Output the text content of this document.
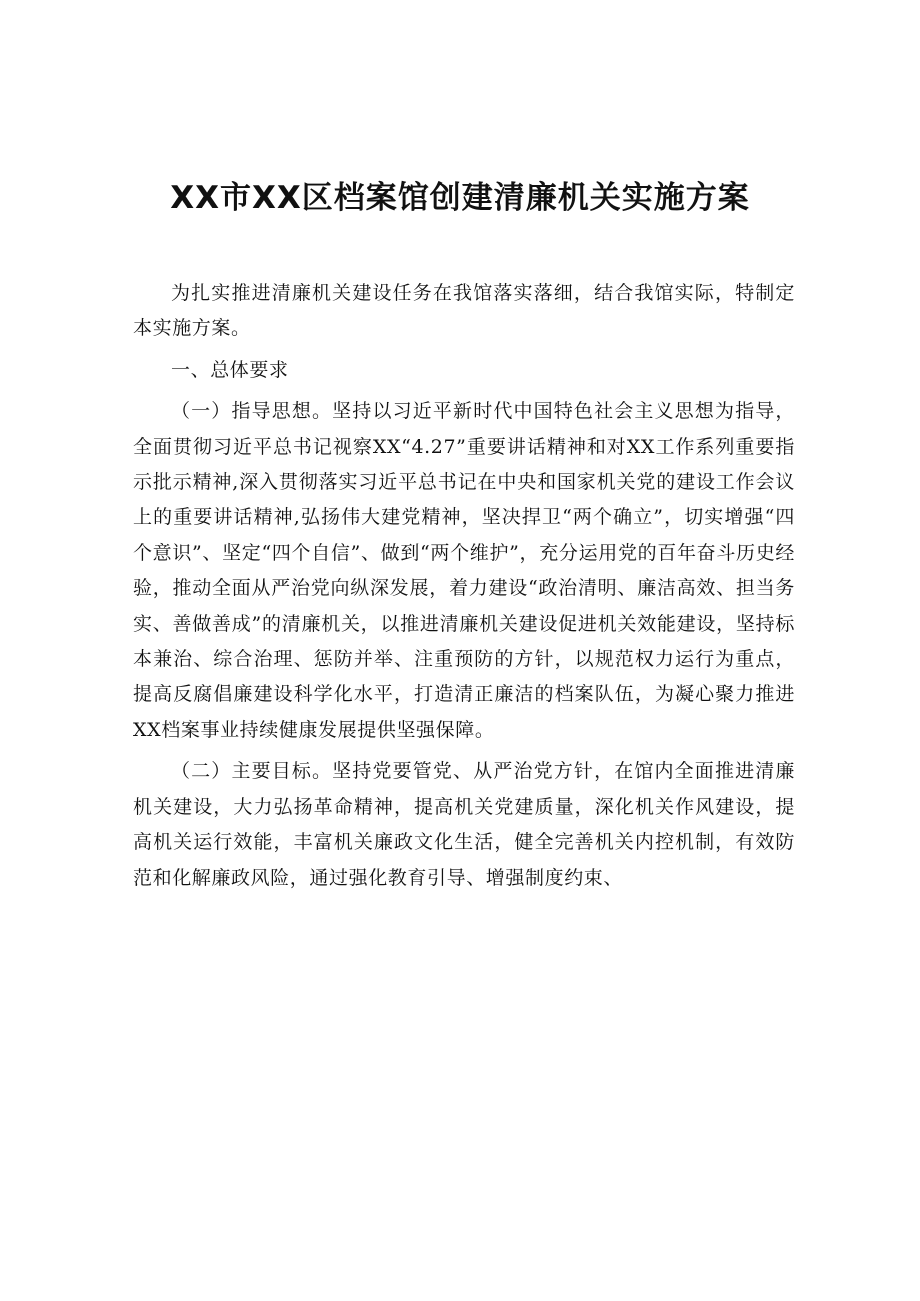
XX市XX区档案馆创建清廉机关实施方案

为扎实推进清廉机关建设任务在我馆落实落细，结合我馆实际，特制定本实施方案。

一、总体要求

（一）指导思想。坚持以习近平新时代中国特色社会主义思想为指导，全面贯彻习近平总书记视察XX“4.27”重要讲话精神和对XX工作系列重要指示批示精神,深入贯彻落实习近平总书记在中央和国家机关党的建设工作会议上的重要讲话精神,弘扬伟大建党精神，坚决捍卫“两个确立”，切实增强“四个意识”、坚定“四个自信”、做到“两个维护”，充分运用党的百年奋斗历史经验，推动全面从严治党向纵深发展，着力建设“政治清明、廉洁高效、担当务实、善做善成”的清廉机关，以推进清廉机关建设促进机关效能建设，坚持标本兼治、综合治理、惩防并举、注重预防的方针，以规范权力运行为重点，提高反腐倡廉建设科学化水平，打造清正廉洁的档案队伍，为凝心聚力推进XX档案事业持续健康发展提供坚强保障。

（二）主要目标。坚持党要管党、从严治党方针，在馆内全面推进清廉机关建设，大力弘扬革命精神，提高机关党建质量，深化机关作风建设，提高机关运行效能，丰富机关廉政文化生活，健全完善机关内控机制，有效防范和化解廉政风险，通过强化教育引导、增强制度约束、
